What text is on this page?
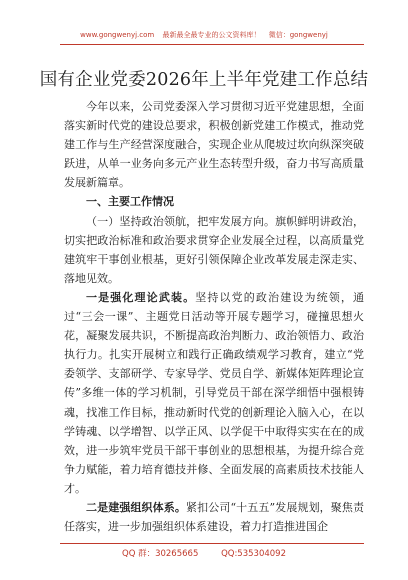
www.gongwenyj.com 最新最全最专业的公文资料库！ 微信：gongwenyj
国有企业党委2026年上半年党建工作总结

今年以来，公司党委深入学习贯彻习近平党建思想，全面落实新时代党的建设总要求，积极创新党建工作模式，推动党建工作与生产经营深度融合，实现企业从爬坡过坎向纵深突破跃进，从单一业务向多元产业生态转型升级，奋力书写高质量发展新篇章。

一、主要工作情况

（一）坚持政治领航，把牢发展方向。旗帜鲜明讲政治，切实把政治标准和政治要求贯穿企业发展全过程，以高质量党建筑牢干事创业根基，更好引领保障企业改革发展走深走实、落地见效。

一是强化理论武装。坚持以党的政治建设为统领，通过“三会一课”、主题党日活动等开展专题学习，碰撞思想火花，凝聚发展共识，不断提高政治判断力、政治领悟力、政治执行力。扎实开展树立和践行正确政绩观学习教育，建立“党委领学、支部研学、专家导学、党员自学、新媒体矩阵理论宣传”多维一体的学习机制，引导党员干部在深学细悟中强根铸魂，找准工作目标，推动新时代党的创新理论入脑入心，在以学铸魂、以学增智、以学正风、以学促干中取得实实在在的成效，进一步筑牢党员干部干事创业的思想根基，为提升综合竞争力赋能，着力培育德技并修、全面发展的高素质技术技能人才。

二是建强组织体系。紧扣公司“十五五”发展规划，聚焦责任落实，进一步加强组织体系建设，着力打造推进国企

QQ 群：30265665	QQ:535304092
